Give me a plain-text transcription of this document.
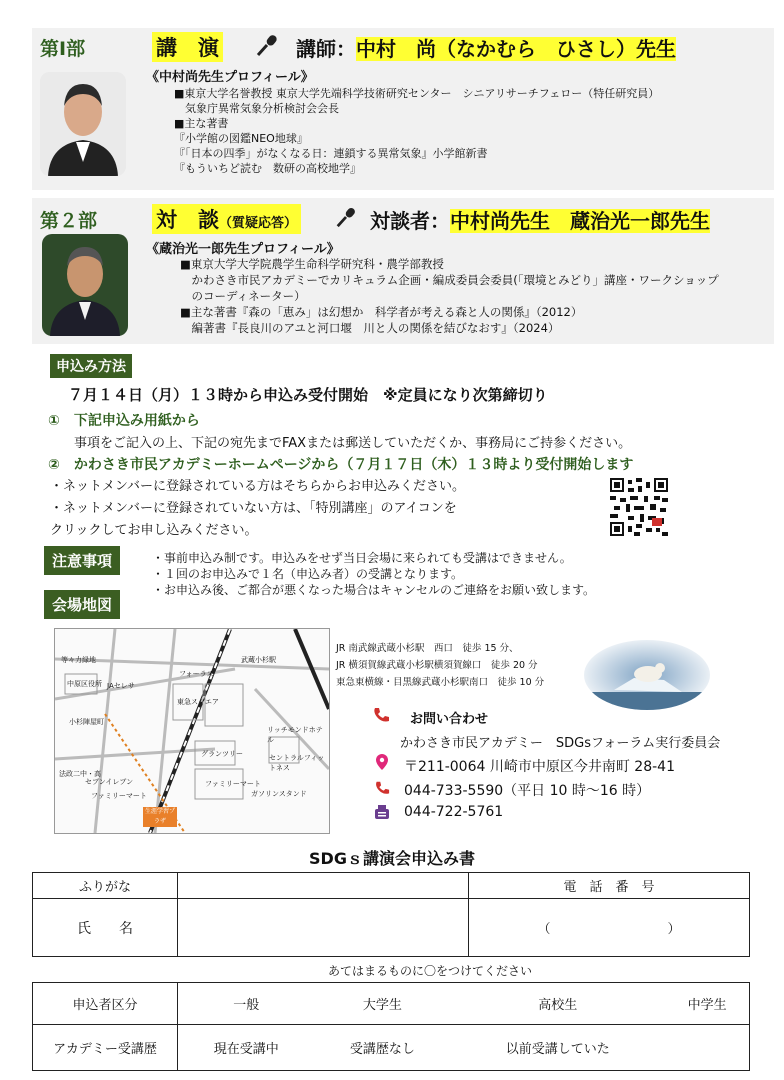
第Ⅰ部	講　演	講師：中村　尚（なかむら　ひさし）先生
《中村尚先生プロフィール》

■東京大学名誉教授 東京大学先端科学技術研究センター　シニアリサーチフェロー（特任研究員）

　気象庁異常気象分析検討会会長

■主な著書

『小学館の図鑑NEO地球』

『「日本の四季」がなくなる日：連鎖する異常気象』小学館新書

『もういちど読む　数研の高校地学』

第２部	対　談（質疑応答）	対談者：中村尚先生　蔵治光一郎先生
《蔵治光一郎先生プロフィール》

■東京大学大学院農学生命科学研究科・農学部教授

　かわさき市民アカデミーでカリキュラム企画・編成委員会委員(「環境とみどり」講座・ワークショップ

　のコーディネーター）

■主な著書『森の「恵み」は幻想か　科学者が考える森と人の関係』（2012）

　編著書『長良川のアユと河口堰　川と人の関係を結びなおす』（2024）

申込み方法
７月１４日（月）１３時から申込み受付開始　※定員になり次第締切り
①　下記申込み用紙から
事項をご記入の上、下記の宛先までFAXまたは郵送していただくか、事務局にご持参ください。
②　かわさき市民アカデミーホームページから（７月１７日（木）１３時より受付開始します

・ネットメンバーに登録されている方はそちらからお申込みください。

・ネットメンバーに登録されていない方は、「特別講座」のアイコンを

クリックしてお申し込みください。

注意事項
会場地図

・事前申込み制です。申込みをせず当日会場に来られても受講はできません。

・１回のお申込みで１名（申込み者）の受講となります。

・お申込み後、ご都合が悪くなった場合はキャンセルのご連絡をお願い致します。

等々力緑地
中原区役所 JAセレサ
小杉陣屋町
セブンイレブン
ファミリーマート
グランツリー
東急スクエア
フォーラス
リッチモンドホテル
セントラルフィットネス
武蔵小杉駅
ファミリーマート
法政二中・高
ガソリンスタンド
生涯学習プラザ

JR 南武線武蔵小杉駅　西口　徒歩 15 分、

JR 横須賀線武蔵小杉駅横須賀線口　徒歩 20 分

東急東横線・目黒線武蔵小杉駅南口　徒歩 10 分

お問い合わせ
かわさき市民アカデミー　SDGsフォーラム実行委員会
〒211-0064 川崎市中原区今井南町 28-41
044-733-5590（平日 10 時〜16 時）
044-722-5761
SDGｓ講演会申込み書
ふりがな		電　話　番　号
氏　　名		（　　　　　　　　　）
あてはまるものに〇をつけてください
申込者区分	一般	大学生	高校生	中学生
アカデミー受講歴	現在受講中	受講歴なし	以前受講していた	
